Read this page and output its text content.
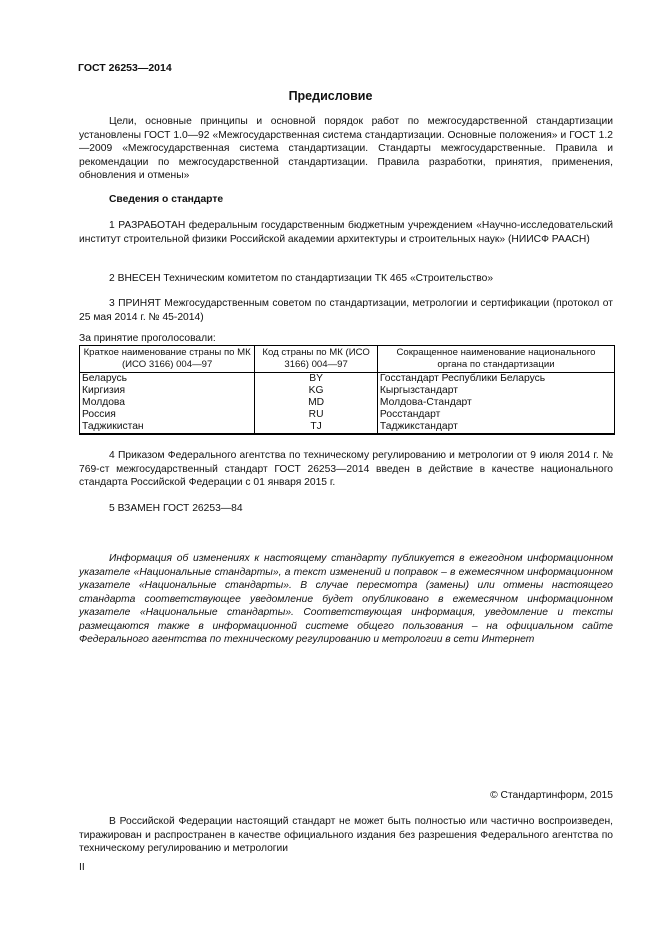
ГОСТ 26253—2014
Предисловие
Цели, основные принципы и основной порядок работ по межгосударственной стандартизации установлены ГОСТ 1.0—92 «Межгосударственная система стандартизации. Основные положения» и ГОСТ 1.2—2009 «Межгосударственная система стандартизации. Стандарты межгосударственные. Правила и рекомендации по межгосударственной стандартизации. Правила разработки, принятия, применения, обновления и отмены»
Сведения о стандарте
1 РАЗРАБОТАН федеральным государственным бюджетным учреждением «Научно-исследовательский институт строительной физики Российской академии архитектуры и строительных наук» (НИИСФ РААСН)
2 ВНЕСЕН Техническим комитетом по стандартизации ТК 465 «Строительство»
3 ПРИНЯТ Межгосударственным советом по стандартизации, метрологии и сертификации (протокол от 25 мая 2014 г. № 45-2014)
За принятие проголосовали:
Краткое наименование страны по МК (ИСО 3166) 004—97	Код страны по МК (ИСО 3166) 004—97	Сокращенное наименование национального органа по стандартизации
Беларусь	BY	Госстандарт Республики Беларусь
Киргизия	KG	Кыргызстандарт
Молдова	MD	Молдова-Стандарт
Россия	RU	Росстандарт
Таджикистан	TJ	Таджикстандарт
4 Приказом Федерального агентства по техническому регулированию и метрологии от 9 июля 2014 г. № 769-ст межгосударственный стандарт ГОСТ 26253—2014 введен в действие в качестве национального стандарта Российской Федерации с 01 января 2015 г.
5 ВЗАМЕН ГОСТ 26253—84
Информация об изменениях к настоящему стандарту публикуется в ежегодном информационном указателе «Национальные стандарты», а текст изменений и поправок – в ежемесячном информационном указателе «Национальные стандарты». В случае пересмотра (замены) или отмены настоящего стандарта соответствующее уведомление будет опубликовано в ежемесячном информационном указателе «Национальные стандарты». Соответствующая информация, уведомление и тексты размещаются также в информационной системе общего пользования – на официальном сайте Федерального агентства по техническому регулированию и метрологии в сети Интернет
© Стандартинформ, 2015
В Российской Федерации настоящий стандарт не может быть полностью или частично воспроизведен, тиражирован и распространен в качестве официального издания без разрешения Федерального агентства по техническому регулированию и метрологии
II
